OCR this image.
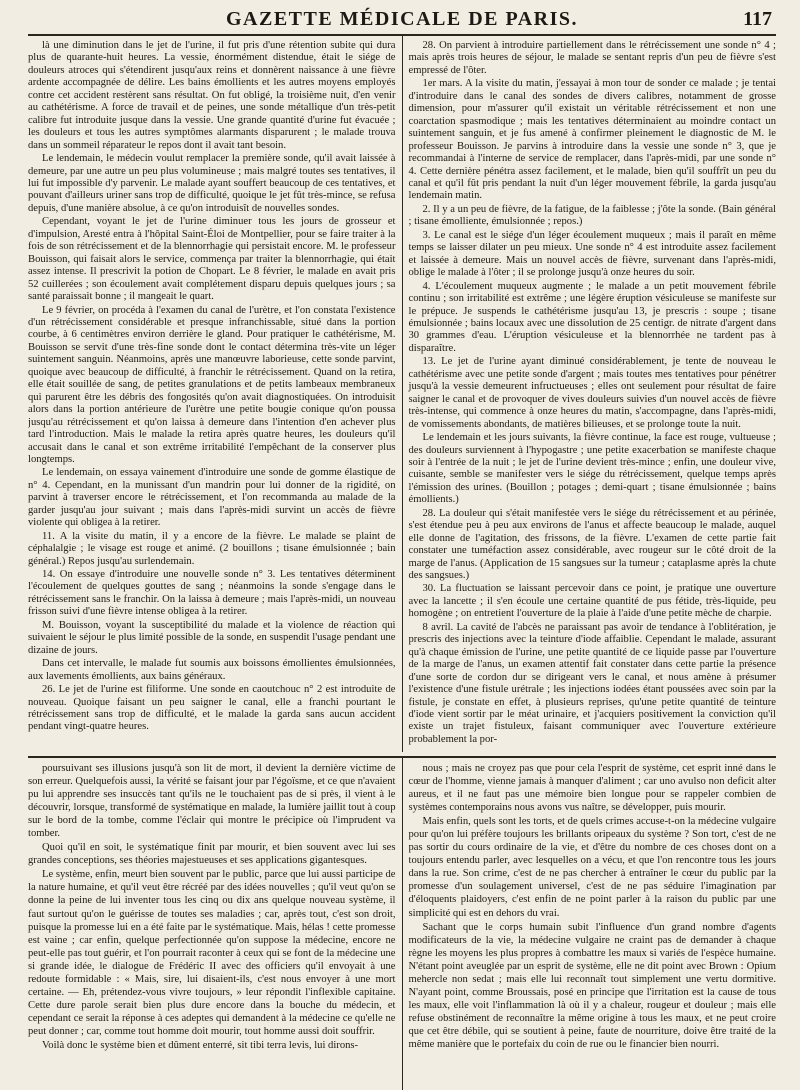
GAZETTE MÉDICALE DE PARIS.	117

là une diminution dans le jet de l'urine, il fut pris d'une rétention subite qui dura plus de quarante-huit heures. La vessie, énormément distendue, était le siége de douleurs atroces qui s'étendirent jusqu'aux reins et donnèrent naissance à une fièvre ardente accompagnée de délire. Les bains émollients et les autres moyens employés contre cet accident restèrent sans résultat. On fut obligé, la troisième nuit, d'en venir au cathétérisme. A force de travail et de peines, une sonde métallique d'un très-petit calibre fut introduite jusque dans la vessie. Une grande quantité d'urine fut évacuée ; les douleurs et tous les autres symptômes alarmants disparurent ; le malade trouva dans un sommeil réparateur le repos dont il avait tant besoin.

Le lendemain, le médecin voulut remplacer la première sonde, qu'il avait laissée à demeure, par une autre un peu plus volumineuse ; mais malgré toutes ses tentatives, il lui fut impossible d'y parvenir. Le malade ayant souffert beaucoup de ces tentatives, et pouvant d'ailleurs uriner sans trop de difficulté, quoique le jet fût très-mince, se refusa depuis, d'une manière absolue, à ce qu'on introduisît de nouvelles sondes.

Cependant, voyant le jet de l'urine diminuer tous les jours de grosseur et d'impulsion, Aresté entra à l'hôpital Saint-Éloi de Montpellier, pour se faire traiter à la fois de son rétrécissement et de la blennorrhagie qui persistait encore. M. le professeur Bouisson, qui faisait alors le service, commença par traiter la blennorrhagie, qui était assez intense. Il prescrivit la potion de Chopart. Le 8 février, le malade en avait pris 52 cuillerées ; son écoulement avait complétement disparu depuis quelques jours ; sa santé paraissait bonne ; il mangeait le quart.

Le 9 février, on procéda à l'examen du canal de l'urètre, et l'on constata l'existence d'un rétrécissement considérable et presque infranchissable, situé dans la portion courbe, à 6 centimètres environ derrière le gland. Pour pratiquer le cathétérisme, M. Bouisson se servit d'une très-fine sonde dont le contact détermina très-vite un léger suintement sanguin. Néanmoins, après une manœuvre laborieuse, cette sonde parvint, quoique avec beaucoup de difficulté, à franchir le rétrécissement. Quand on la retira, elle était souillée de sang, de petites granulations et de petits lambeaux membraneux qui parurent être les débris des fongosités qu'on avait diagnostiquées. On introduisit alors dans la portion antérieure de l'urètre une petite bougie conique qu'on poussa jusqu'au rétrécissement et qu'on laissa à demeure dans l'intention d'en achever plus tard l'introduction. Mais le malade la retira après quatre heures, les douleurs qu'il accusait dans le canal et son extrême irritabilité l'empêchant de la conserver plus longtemps.

Le lendemain, on essaya vainement d'introduire une sonde de gomme élastique de n° 4. Cependant, en la munissant d'un mandrin pour lui donner de la rigidité, on parvint à traverser encore le rétrécissement, et l'on recommanda au malade de la garder jusqu'au jour suivant ; mais dans l'après-midi survint un accès de fièvre violente qui obligea à la retirer.

11. A la visite du matin, il y a encore de la fièvre. Le malade se plaint de céphalalgie ; le visage est rouge et animé. (2 bouillons ; tisane émulsionnée ; bain général.) Repos jusqu'au surlendemain.

14. On essaye d'introduire une nouvelle sonde n° 3. Les tentatives déterminent l'écoulement de quelques gouttes de sang ; néanmoins la sonde s'engage dans le rétrécissement sans le franchir. On la laissa à demeure ; mais l'après-midi, un nouveau frisson suivi d'une fièvre intense obligea à la retirer.

M. Bouisson, voyant la susceptibilité du malade et la violence de réaction qui suivaient le séjour le plus limité possible de la sonde, en suspendit l'usage pendant une dizaine de jours.

Dans cet intervalle, le malade fut soumis aux boissons émollientes émulsionnées, aux lavements émollients, aux bains généraux.

26. Le jet de l'urine est filiforme. Une sonde en caoutchouc n° 2 est introduite de nouveau. Quoique faisant un peu saigner le canal, elle a franchi pourtant le rétrécissement sans trop de difficulté, et le malade la garda sans aucun accident pendant vingt-quatre heures.

28. On parvient à introduire partiellement dans le rétrécissement une sonde n° 4 ; mais après trois heures de séjour, le malade se sentant repris d'un peu de fièvre s'est empressé de l'ôter.

1er mars. A la visite du matin, j'essayai à mon tour de sonder ce malade ; je tentai d'introduire dans le canal des sondes de divers calibres, notamment de grosse dimension, pour m'assurer qu'il existait un véritable rétrécissement et non une coarctation spasmodique ; mais les tentatives déterminaient au moindre contact un suintement sanguin, et je fus amené à confirmer pleinement le diagnostic de M. le professeur Bouisson. Je parvins à introduire dans la vessie une sonde n° 3, que je recommandai à l'interne de service de remplacer, dans l'après-midi, par une sonde n° 4. Cette dernière pénétra assez facilement, et le malade, bien qu'il souffrît un peu du canal et qu'il fût pris pendant la nuit d'un léger mouvement fébrile, la garda jusqu'au lendemain matin.

2. Il y a un peu de fièvre, de la fatigue, de la faiblesse ; j'ôte la sonde. (Bain général ; tisane émolliente, émulsionnée ; repos.)

3. Le canal est le siége d'un léger écoulement muqueux ; mais il paraît en même temps se laisser dilater un peu mieux. Une sonde n° 4 est introduite assez facilement et laissée à demeure. Mais un nouvel accès de fièvre, survenant dans l'après-midi, oblige le malade à l'ôter ; il se prolonge jusqu'à onze heures du soir.

4. L'écoulement muqueux augmente ; le malade a un petit mouvement fébrile continu ; son irritabilité est extrême ; une légère éruption vésiculeuse se manifeste sur le prépuce. Je suspends le cathétérisme jusqu'au 13, je prescris : soupe ; tisane émulsionnée ; bains locaux avec une dissolution de 25 centigr. de nitrate d'argent dans 30 grammes d'eau. L'éruption vésiculeuse et la blennorrhée ne tardent pas à disparaître.

13. Le jet de l'urine ayant diminué considérablement, je tente de nouveau le cathétérisme avec une petite sonde d'argent ; mais toutes mes tentatives pour pénétrer jusqu'à la vessie demeurent infructueuses ; elles ont seulement pour résultat de faire saigner le canal et de provoquer de vives douleurs suivies d'un nouvel accès de fièvre très-intense, qui commence à onze heures du matin, s'accompagne, dans l'après-midi, de vomissements abondants, de matières bilieuses, et se prolonge toute la nuit.

Le lendemain et les jours suivants, la fièvre continue, la face est rouge, vultueuse ; des douleurs surviennent à l'hypogastre ; une petite exacerbation se manifeste chaque soir à l'entrée de la nuit ; le jet de l'urine devient très-mince ; enfin, une douleur vive, cuisante, semble se manifester vers le siége du rétrécissement, quelque temps après l'émission des urines. (Bouillon ; potages ; demi-quart ; tisane émulsionnée ; bains émollients.)

28. La douleur qui s'était manifestée vers le siége du rétrécissement et au périnée, s'est étendue peu à peu aux environs de l'anus et affecte beaucoup le malade, auquel elle donne de l'agitation, des frissons, de la fièvre. L'examen de cette partie fait constater une tuméfaction assez considérable, avec rougeur sur le côté droit de la marge de l'anus. (Application de 15 sangsues sur la tumeur ; cataplasme après la chute des sangsues.)

30. La fluctuation se laissant percevoir dans ce point, je pratique une ouverture avec la lancette ; il s'en écoule une certaine quantité de pus fétide, très-liquide, peu homogène ; on entretient l'ouverture de la plaie à l'aide d'une petite mèche de charpie.

8 avril. La cavité de l'abcès ne paraissant pas avoir de tendance à l'oblitération, je prescris des injections avec la teinture d'iode affaiblie. Cependant le malade, assurant qu'à chaque émission de l'urine, une petite quantité de ce liquide passe par l'ouverture de la marge de l'anus, un examen attentif fait constater dans cette partie la présence d'une sorte de cordon dur se dirigeant vers le canal, et nous amène à présumer l'existence d'une fistule urétrale ; les injections iodées étant poussées avec soin par la fistule, je constate en effet, à plusieurs reprises, qu'une petite quantité de teinture d'iode vient sortir par le méat urinaire, et j'acquiers positivement la conviction qu'il existe un trajet fistuleux, faisant communiquer avec l'ouverture extérieure probablement la por-

poursuivant ses illusions jusqu'à son lit de mort, il devient la dernière victime de son erreur. Quelquefois aussi, la vérité se faisant jour par l'égoïsme, et ce que n'avaient pu lui apprendre ses insuccès tant qu'ils ne le touchaient pas de si près, il vient à le découvrir, lorsque, transformé de systématique en malade, la lumière jaillit tout à coup sur le bord de la tombe, comme l'éclair qui montre le précipice où l'imprudent va tomber.

Quoi qu'il en soit, le systématique finit par mourir, et bien souvent avec lui ses grandes conceptions, ses théories majestueuses et ses applications gigantesques.

Le système, enfin, meurt bien souvent par le public, parce que lui aussi participe de la nature humaine, et qu'il veut être récréé par des idées nouvelles ; qu'il veut qu'on se donne la peine de lui inventer tous les cinq ou dix ans quelque nouveau système, il faut surtout qu'on le guérisse de toutes ses maladies ; car, après tout, c'est son droit, puisque la promesse lui en a été faite par le systématique. Mais, hélas ! cette promesse est vaine ; car enfin, quelque perfectionnée qu'on suppose la médecine, encore ne peut-elle pas tout guérir, et l'on pourrait raconter à ceux qui se font de la médecine une si grande idée, le dialogue de Frédéric II avec des officiers qu'il envoyait à une redoute formidable : « Mais, sire, lui disaient-ils, c'est nous envoyer à une mort certaine. — Eh, prétendez-vous vivre toujours, » leur répondit l'inflexible capitaine. Cette dure parole serait bien plus dure encore dans la bouche du médecin, et cependant ce serait la réponse à ces adeptes qui demandent à la médecine ce qu'elle ne peut donner ; car, comme tout homme doit mourir, tout homme aussi doit souffrir.

Voilà donc le système bien et dûment enterré, sit tibi terra levis, lui dirons-

nous ; mais ne croyez pas que pour cela l'esprit de système, cet esprit inné dans le cœur de l'homme, vienne jamais à manquer d'aliment ; car uno avulso non deficit alter aureus, et il ne faut pas une mémoire bien longue pour se rappeler combien de systèmes contemporains nous avons vus naître, se développer, puis mourir.

Mais enfin, quels sont les torts, et de quels crimes accuse-t-on la médecine vulgaire pour qu'on lui préfère toujours les brillants oripeaux du système ? Son tort, c'est de ne pas sortir du cours ordinaire de la vie, et d'être du nombre de ces choses dont on a toujours entendu parler, avec lesquelles on a vécu, et que l'on rencontre tous les jours dans la rue. Son crime, c'est de ne pas chercher à entraîner le cœur du public par la promesse d'un soulagement universel, c'est de ne pas séduire l'imagination par d'éloquents plaidoyers, c'est enfin de ne point parler à la raison du public par une simplicité qui est en dehors du vrai.

Sachant que le corps humain subit l'influence d'un grand nombre d'agents modificateurs de la vie, la médecine vulgaire ne craint pas de demander à chaque règne les moyens les plus propres à combattre les maux si variés de l'espèce humaine. N'étant point aveuglée par un esprit de système, elle ne dit point avec Brown : Opium mehercle non sedat ; mais elle lui reconnaît tout simplement une vertu dormitive. N'ayant point, comme Broussais, posé en principe que l'irritation est la cause de tous les maux, elle voit l'inflammation là où il y a chaleur, rougeur et douleur ; mais elle refuse obstinément de reconnaître la même origine à tous les maux, et ne peut croire que cet être débile, qui se soutient à peine, faute de nourriture, doive être traité de la même manière que le portefaix du coin de rue ou le financier bien nourri.
